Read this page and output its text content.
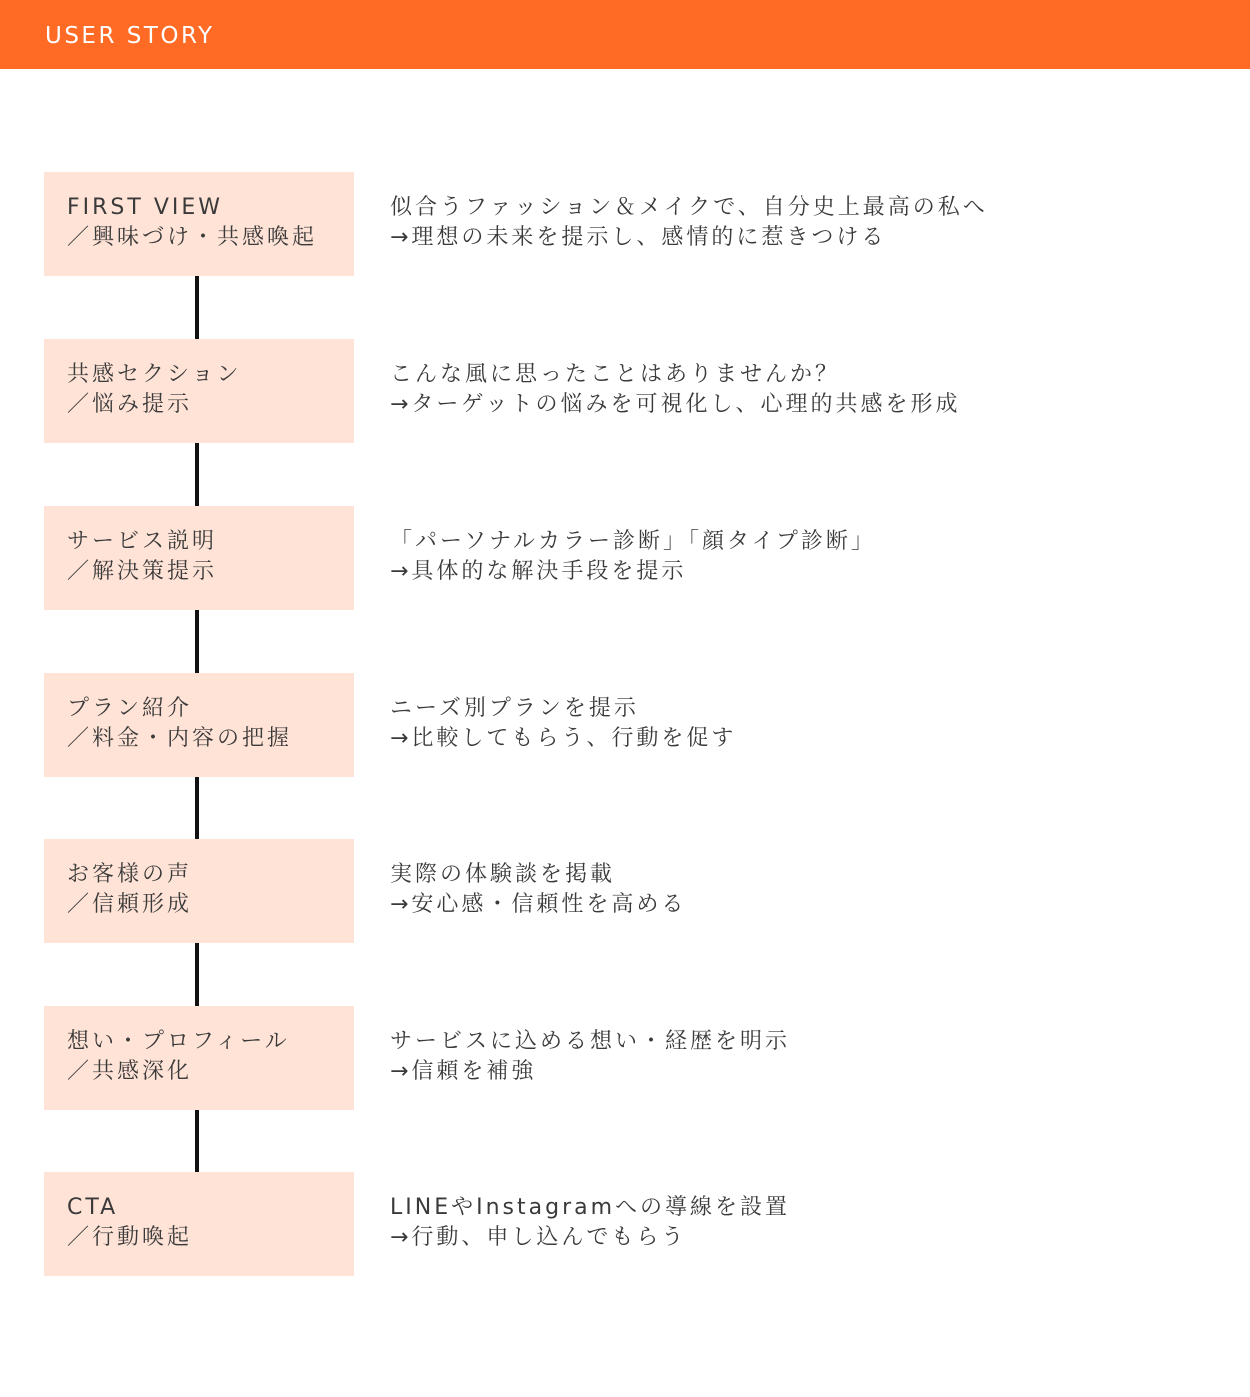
USER STORY
FIRST VIEW
／興味づけ・共感喚起
似合うファッション＆メイクで、自分史上最高の私へ
→理想の未来を提示し、感情的に惹きつける
共感セクション
／悩み提示
こんな風に思ったことはありませんか？
→ターゲットの悩みを可視化し、心理的共感を形成
サービス説明
／解決策提示
「パーソナルカラー診断」「顔タイプ診断」
→具体的な解決手段を提示
プラン紹介
／料金・内容の把握
ニーズ別プランを提示
→比較してもらう、行動を促す
お客様の声
／信頼形成
実際の体験談を掲載
→安心感・信頼性を高める
想い・プロフィール
／共感深化
サービスに込める想い・経歴を明示
→信頼を補強
CTA
／行動喚起
LINEやInstagramへの導線を設置
→行動、申し込んでもらう
